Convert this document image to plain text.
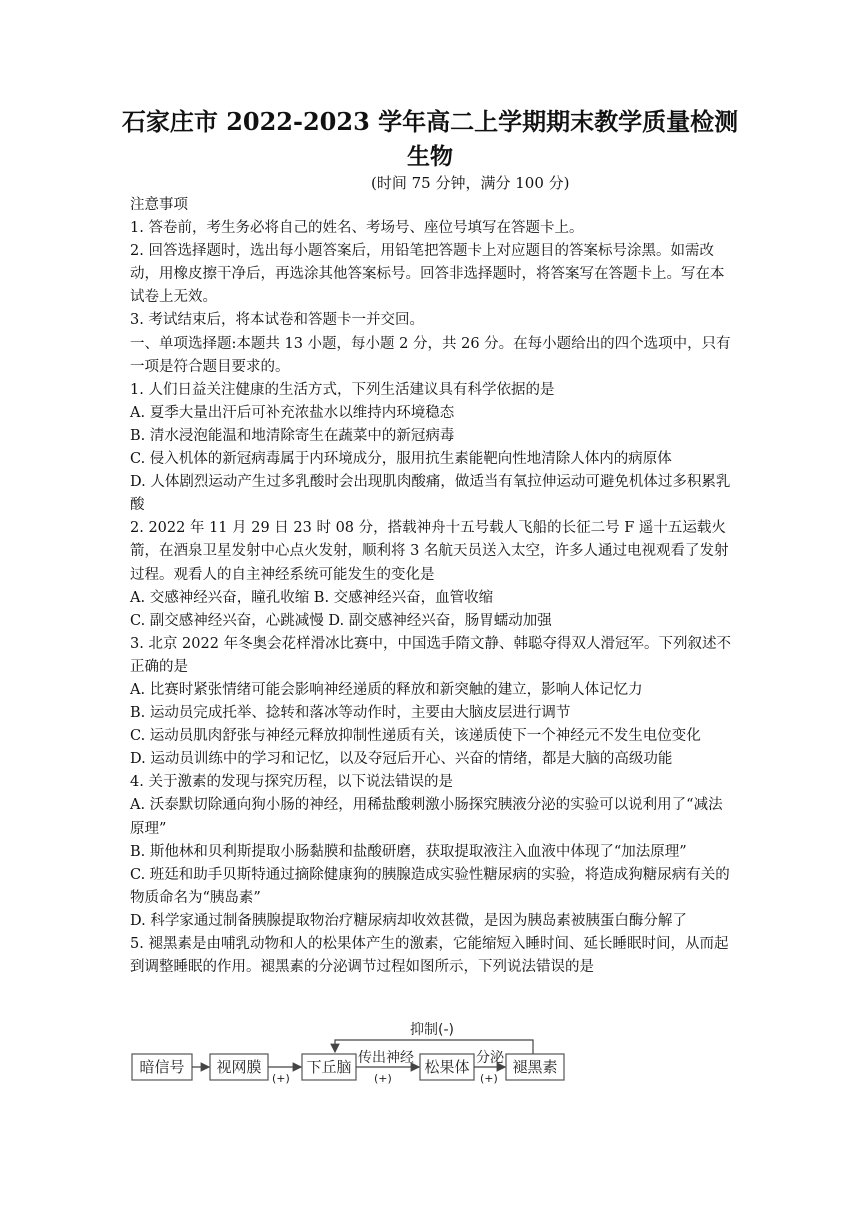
石家庄市 2022-2023 学年高二上学期期末教学质量检测
生物
(时间 75 分钟，满分 100 分)
注意事项
1. 答卷前，考生务必将自己的姓名、考场号、座位号填写在答题卡上。
2. 回答选择题时，选出每小题答案后，用铅笔把答题卡上对应题目的答案标号涂黑。如需改动，用橡皮擦干净后，再选涂其他答案标号。回答非选择题时，将答案写在答题卡上。写在本试卷上无效。
3. 考试结束后，将本试卷和答题卡一并交回。
一、单项选择题:本题共 13 小题，每小题 2 分，共 26 分。在每小题给出的四个选项中，只有
一项是符合题目要求的。
1. 人们日益关注健康的生活方式，下列生活建议具有科学依据的是
A. 夏季大量出汗后可补充浓盐水以维持内环境稳态
B. 清水浸泡能温和地清除寄生在蔬菜中的新冠病毒
C. 侵入机体的新冠病毒属于内环境成分，服用抗生素能靶向性地清除人体内的病原体
D. 人体剧烈运动产生过多乳酸时会出现肌肉酸痛，做适当有氧拉伸运动可避免机体过多积累乳酸
2. 2022 年 11 月 29 日 23 时 08 分，搭载神舟十五号载人飞船的长征二号 F 遥十五运载火箭，在酒泉卫星发射中心点火发射，顺利将 3 名航天员送入太空，许多人通过电视观看了发射过程。观看人的自主神经系统可能发生的变化是
A. 交感神经兴奋，瞳孔收缩 B. 交感神经兴奋，血管收缩
C. 副交感神经兴奋，心跳减慢 D. 副交感神经兴奋，肠胃蠕动加强
3. 北京 2022 年冬奥会花样滑冰比赛中，中国选手隋文静、韩聪夺得双人滑冠军。下列叙述不正确的是
A. 比赛时紧张情绪可能会影响神经递质的释放和新突触的建立，影响人体记忆力
B. 运动员完成托举、捻转和落冰等动作时，主要由大脑皮层进行调节
C. 运动员肌肉舒张与神经元释放抑制性递质有关，该递质使下一个神经元不发生电位变化
D. 运动员训练中的学习和记忆，以及夺冠后开心、兴奋的情绪，都是大脑的高级功能
4. 关于激素的发现与探究历程，以下说法错误的是
A. 沃泰默切除通向狗小肠的神经，用稀盐酸刺激小肠探究胰液分泌的实验可以说利用了“减法原理”
B. 斯他林和贝利斯提取小肠黏膜和盐酸研磨，获取提取液注入血液中体现了“加法原理”
C. 班廷和助手贝斯特通过摘除健康狗的胰腺造成实验性糖尿病的实验，将造成狗糖尿病有关的物质命名为“胰岛素”
D. 科学家通过制备胰腺提取物治疗糖尿病却收效甚微，是因为胰岛素被胰蛋白酶分解了
5. 褪黑素是由哺乳动物和人的松果体产生的激素，它能缩短入睡时间、延长睡眠时间，从而起到调整睡眠的作用。褪黑素的分泌调节过程如图所示，下列说法错误的是
抑制(-)
暗信号 视网膜	下丘脑	松果体	褪黑素
传出神经	分泌
(+)	(+)	(+)
